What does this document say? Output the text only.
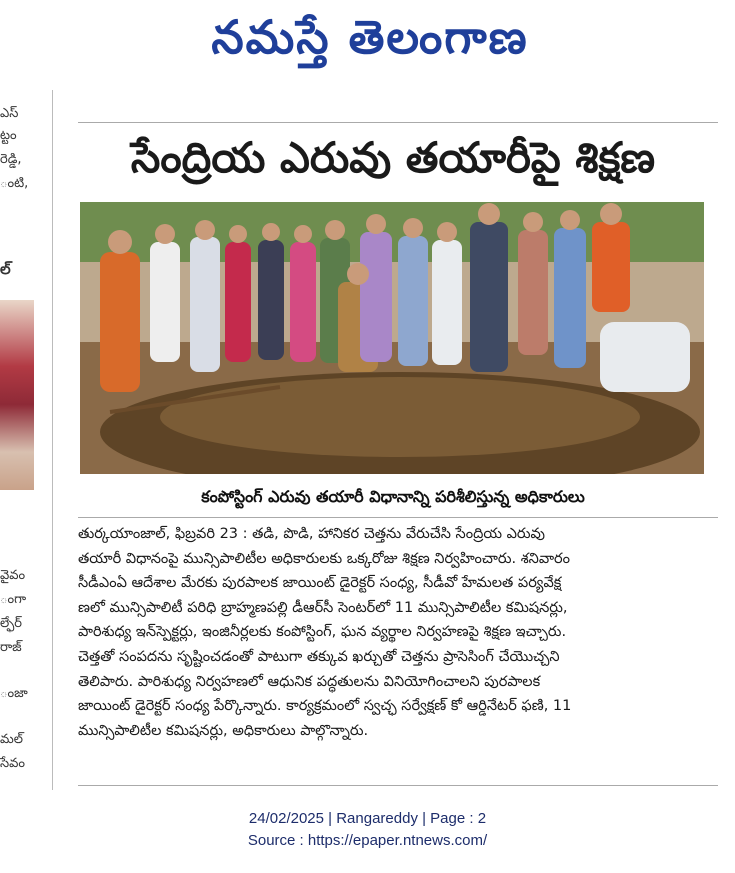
నమస్తే తెలంగాణ
ఎస్
ట్టం
రెడ్డి,
ంటి,
ల్
వైవం
ంగా
ల్ఫేర్
రాజ్
ంజా
మల్
సేవం
సేంద్రియ ఎరువు తయారీపై శిక్షణ
కంపోస్టింగ్ ఎరువు తయారీ విధానాన్ని పరిశీలిస్తున్న అధికారులు
తుర్కయాంజాల్, ఫిబ్రవరి 23 : తడి, పొడి, హానికర చెత్తను వేరుచేసి సేంద్రియ ఎరువు
తయారీ విధానంపై మున్సిపాలిటీల అధికారులకు ఒక్కరోజు శిక్షణ నిర్వహించారు. శనివారం
సీడీఎంఏ ఆదేశాల మేరకు పురపాలక జాయింట్ డైరెక్టర్ సంధ్య, సీడీవో హేమలత పర్యవేక్ష
ణలో మున్సిపాలిటీ పరిధి బ్రాహ్మణపల్లి డీఆర్‌సీ సెంటర్‌లో 11 మున్సిపాలిటీల కమిషనర్లు,
పారిశుధ్య ఇన్‌స్పెక్టర్లు, ఇంజినీర్లలకు కంపోస్టింగ్, ఘన వ్యర్థాల నిర్వహణపై శిక్షణ ఇచ్చారు.
చెత్తతో సంపదను సృష్టించడంతో పాటుగా తక్కువ ఖర్చుతో చెత్తను ప్రాసెసింగ్ చేయొచ్చని
తెలిపారు. పారిశుధ్య నిర్వహణలో ఆధునిక పద్ధతులను వినియోగించాలని పురపాలక
జాయింట్ డైరెక్టర్ సంధ్య పేర్కొన్నారు. కార్యక్రమంలో స్వచ్ఛ సర్వేక్షణ్ కో ఆర్డినేటర్ ఫణి, 11
మున్సిపాలిటీల కమిషనర్లు, అధికారులు పాల్గొన్నారు.
24/02/2025 | Rangareddy | Page : 2
Source : https://epaper.ntnews.com/
